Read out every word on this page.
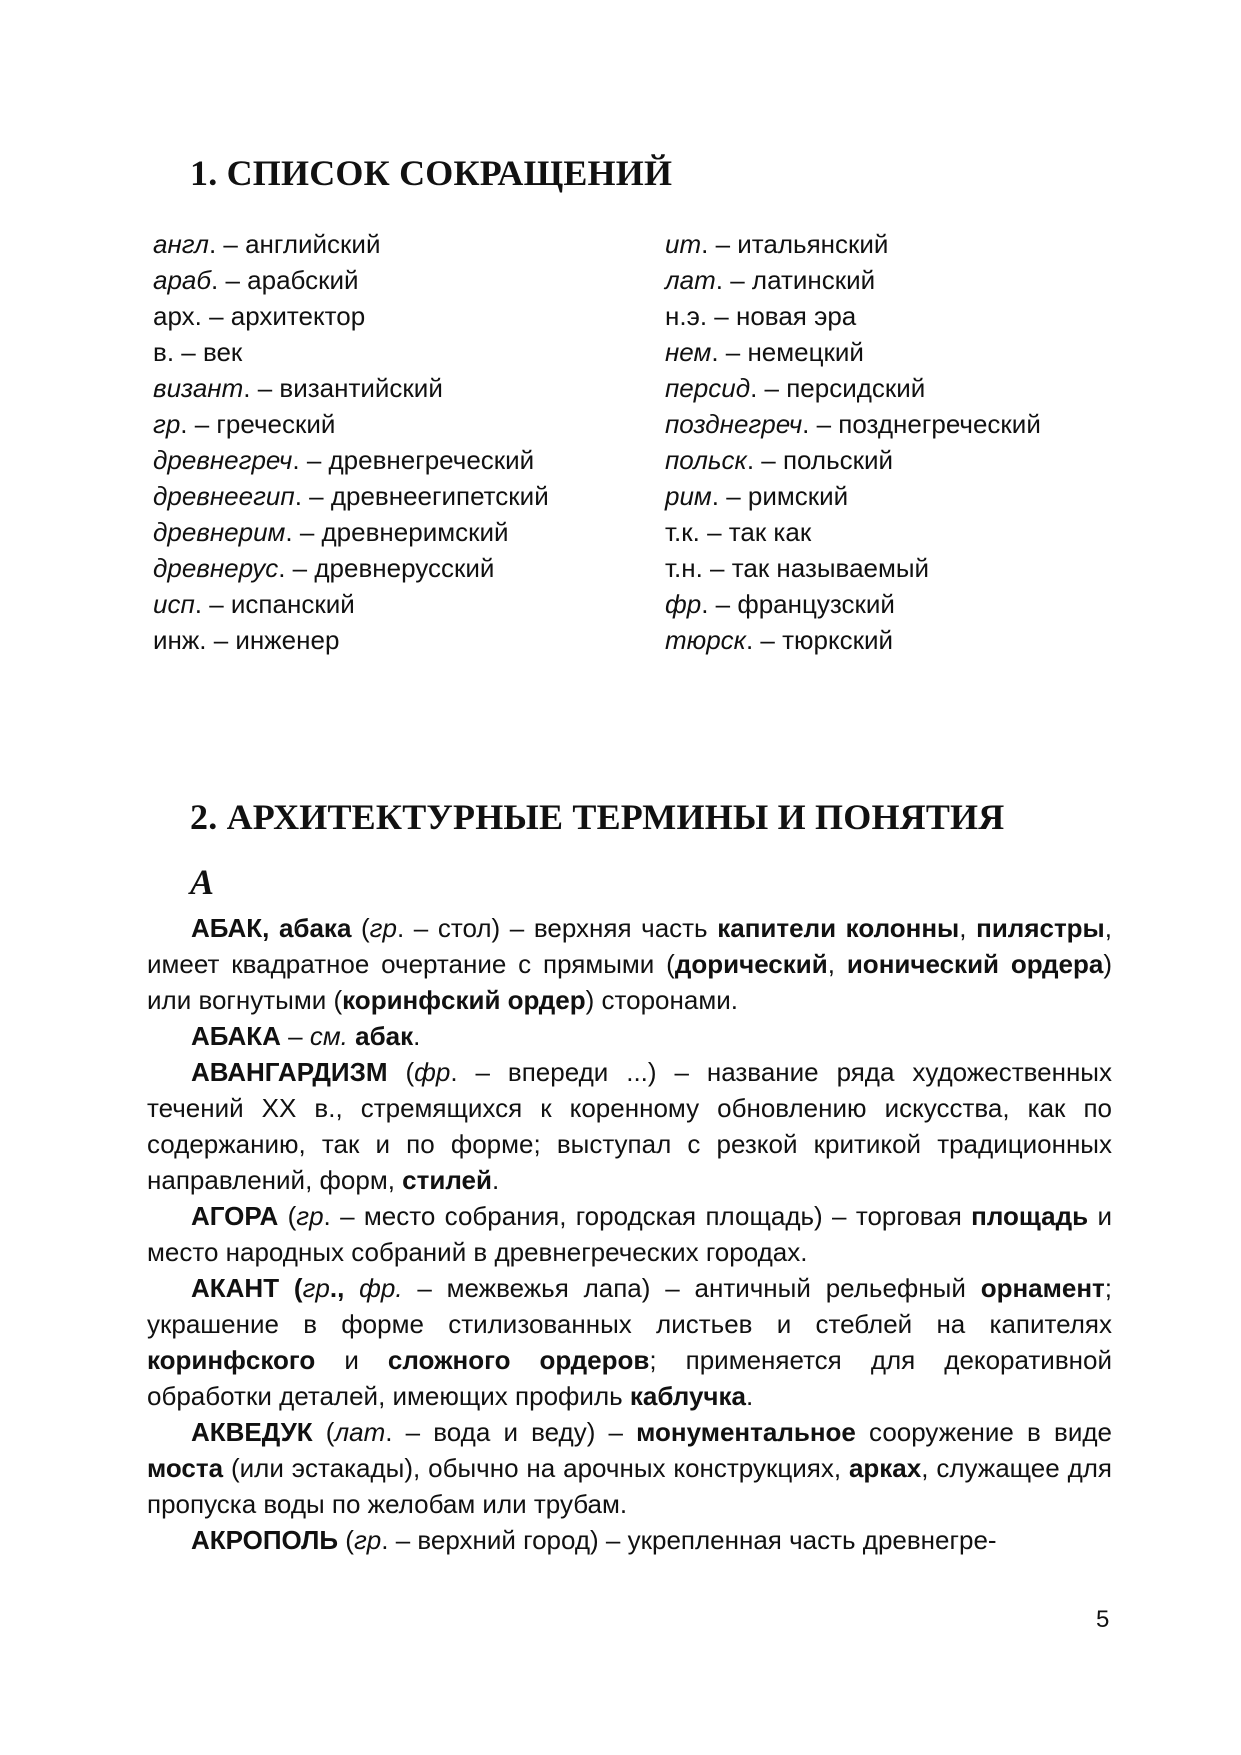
1. СПИСОК СОКРАЩЕНИЙ
англ. – английский
араб. – арабский
арх. – архитектор
в. – век
визант. – византийский
гр. – греческий
древнегреч. – древнегреческий
древнеегип. – древнеегипетский
древнерим. – древнеримский
древнерус. – древнерусский
исп. – испанский
инж. – инженер
ит. – итальянский
лат. – латинский
н.э. – новая эра
нем. – немецкий
персид. – персидский
позднегреч. – позднегреческий
польск. – польский
рим. – римский
т.к. – так как
т.н. – так называемый
фр. – французский
тюрск. – тюркский
2. АРХИТЕКТУРНЫЕ ТЕРМИНЫ И ПОНЯТИЯ
А

АБАК, абака (гр. – стол) – верхняя часть капители колонны, пилястры, имеет квадратное очертание с прямыми (дорический, ионический ордера) или вогнутыми (коринфский ордер) сторонами.

АБАКА – см. абак.

АВАНГАРДИЗМ (фр. – впереди ...) – название ряда художественных течений XX в., стремящихся к коренному обновлению искусства, как по содержанию, так и по форме; выступал с резкой критикой традиционных направлений, форм, стилей.

АГОРА (гр. – место собрания, городская площадь) – торговая площадь и место народных собраний в древнегреческих городах.

АКАНТ (гр., фр. – межвежья лапа) – античный рельефный орнамент; украшение в форме стилизованных листьев и стеблей на капителях коринфского и сложного ордеров; применяется для декоративной обработки деталей, имеющих профиль каблучка.

АКВЕДУК (лат. – вода и веду) – монументальное сооружение в виде моста (или эстакады), обычно на арочных конструкциях, арках, служащее для пропуска воды по желобам или трубам.

АКРОПОЛЬ (гр. – верхний город) – укрепленная часть древнегре-

5
